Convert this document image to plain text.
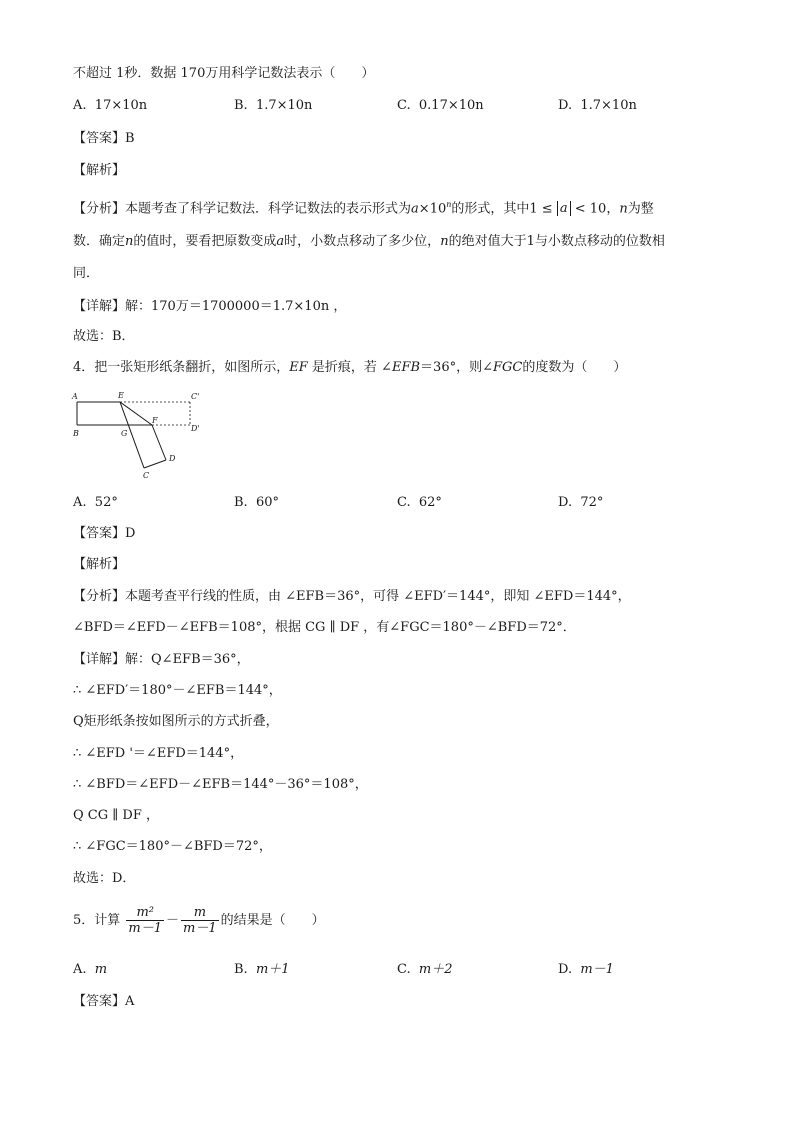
不超过 1秒．数据 170万用科学记数法表示（　　）
A. 17×10n	B. 1.7×10n	C. 0.17×10n	D. 1.7×10n
【答案】B
【解析】
【分析】本题考查了科学记数法．科学记数法的表示形式为$a\times 10^n$的形式，其中1 ≤ a < 10，n为整
数．确定n的值时，要看把原数变成a时，小数点移动了多少位，n的绝对值大于1与小数点移动的位数相
同．
【详解】解：170万＝1700000＝1.7×10n ，
故选：B．
4．把一张矩形纸条翻折，如图所示，EF 是折痕，若 ∠EFB＝36°，则∠FGC的度数为（　　）
A
B
E
F
G
C
D
C'
D'
A. 52°	B. 60°	C. 62°	D. 72°
【答案】D
【解析】
【分析】本题考查平行线的性质，由 ∠EFB＝36°，可得 ∠EFD′＝144°，即知 ∠EFD＝144°，
∠BFD＝∠EFD－∠EFB＝108°，根据 CG ∥ DF ，有∠FGC＝180°－∠BFD＝72°．
【详解】解：Q∠EFB＝36°，
∴ ∠EFD′＝180°－∠EFB＝144°，
Q矩形纸条按如图所示的方式折叠，
∴ ∠EFD '＝∠EFD＝144°，
∴ ∠BFD＝∠EFD－∠EFB＝144°－36°＝108°，
Q CG ∥ DF ，
∴ ∠FGC＝180°－∠BFD＝72°，
故选：D．
5．计算 $\frac{\text{m²}}{m-1} - \frac{m}{m-1}$ 的结果是（　　）
A. m	B. m＋1	C. m＋2	D. m－1
【答案】A
